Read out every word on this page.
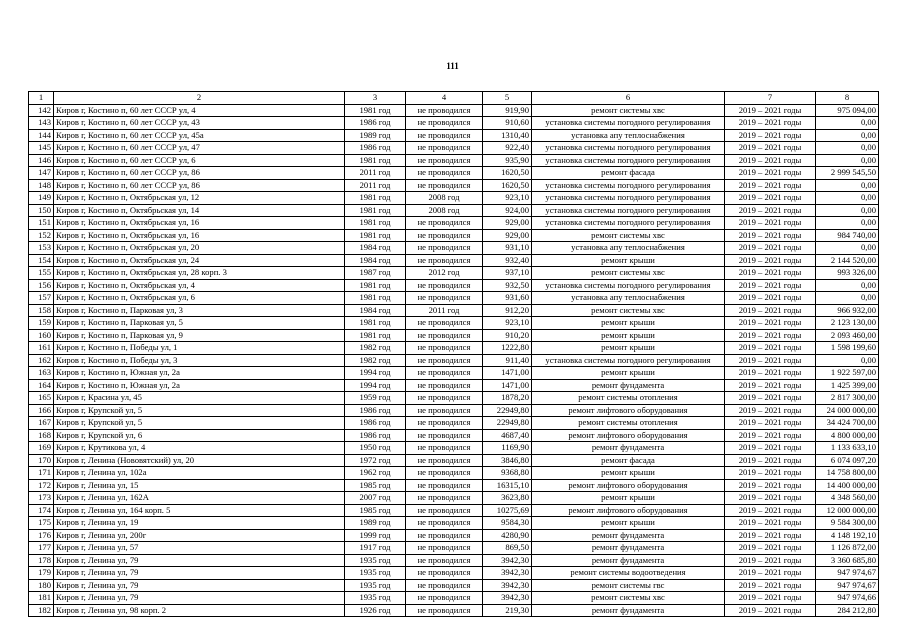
111
1	2	3	4	5	6	7	8
142	Киров г, Костино п, 60 лет СССР ул, 4	1981 год	не проводился	919,90	ремонт системы хвс	2019 – 2021 годы	975 094,00
143	Киров г, Костино п, 60 лет СССР ул, 43	1986 год	не проводился	910,60	установка системы погодного регулирования	2019 – 2021 годы	0,00
144	Киров г, Костино п, 60 лет СССР ул, 45а	1989 год	не проводился	1310,40	установка апу теплоснабжения	2019 – 2021 годы	0,00
145	Киров г, Костино п, 60 лет СССР ул, 47	1986 год	не проводился	922,40	установка системы погодного регулирования	2019 – 2021 годы	0,00
146	Киров г, Костино п, 60 лет СССР ул, 6	1981 год	не проводился	935,90	установка системы погодного регулирования	2019 – 2021 годы	0,00
147	Киров г, Костино п, 60 лет СССР ул, 86	2011 год	не проводился	1620,50	ремонт фасада	2019 – 2021 годы	2 999 545,50
148	Киров г, Костино п, 60 лет СССР ул, 86	2011 год	не проводился	1620,50	установка системы погодного регулирования	2019 – 2021 годы	0,00
149	Киров г, Костино п, Октябрьская ул, 12	1981 год	2008 год	923,10	установка системы погодного регулирования	2019 – 2021 годы	0,00
150	Киров г, Костино п, Октябрьская ул, 14	1981 год	2008 год	924,00	установка системы погодного регулирования	2019 – 2021 годы	0,00
151	Киров г, Костино п, Октябрьская ул, 16	1981 год	не проводился	929,00	установка системы погодного регулирования	2019 – 2021 годы	0,00
152	Киров г, Костино п, Октябрьская ул, 16	1981 год	не проводился	929,00	ремонт системы хвс	2019 – 2021 годы	984 740,00
153	Киров г, Костино п, Октябрьская ул, 20	1984 год	не проводился	931,10	установка апу теплоснабжения	2019 – 2021 годы	0,00
154	Киров г, Костино п, Октябрьская ул, 24	1984 год	не проводился	932,40	ремонт крыши	2019 – 2021 годы	2 144 520,00
155	Киров г, Костино п, Октябрьская ул, 28 корп. 3	1987 год	2012 год	937,10	ремонт системы хвс	2019 – 2021 годы	993 326,00
156	Киров г, Костино п, Октябрьская ул, 4	1981 год	не проводился	932,50	установка системы погодного регулирования	2019 – 2021 годы	0,00
157	Киров г, Костино п, Октябрьская ул, 6	1981 год	не проводился	931,60	установка апу теплоснабжения	2019 – 2021 годы	0,00
158	Киров г, Костино п, Парковая ул, 3	1984 год	2011 год	912,20	ремонт системы хвс	2019 – 2021 годы	966 932,00
159	Киров г, Костино п, Парковая ул, 5	1981 год	не проводился	923,10	ремонт крыши	2019 – 2021 годы	2 123 130,00
160	Киров г, Костино п, Парковая ул, 9	1981 год	не проводился	910,20	ремонт крыши	2019 – 2021 годы	2 093 460,00
161	Киров г, Костино п, Победы ул, 1	1982 год	не проводился	1222,80	ремонт крыши	2019 – 2021 годы	1 598 199,60
162	Киров г, Костино п, Победы ул, 3	1982 год	не проводился	911,40	установка системы погодного регулирования	2019 – 2021 годы	0,00
163	Киров г, Костино п, Южная ул, 2а	1994 год	не проводился	1471,00	ремонт крыши	2019 – 2021 годы	1 922 597,00
164	Киров г, Костино п, Южная ул, 2а	1994 год	не проводился	1471,00	ремонт фундамента	2019 – 2021 годы	1 425 399,00
165	Киров г, Красина ул, 45	1959 год	не проводился	1878,20	ремонт системы отопления	2019 – 2021 годы	2 817 300,00
166	Киров г, Крупской ул, 5	1986 год	не проводился	22949,80	ремонт лифтового оборудования	2019 – 2021 годы	24 000 000,00
167	Киров г, Крупской ул, 5	1986 год	не проводился	22949,80	ремонт системы отопления	2019 – 2021 годы	34 424 700,00
168	Киров г, Крупской ул, 6	1986 год	не проводился	4687,40	ремонт лифтового оборудования	2019 – 2021 годы	4 800 000,00
169	Киров г, Крутикова ул, 4	1950 год	не проводился	1169,90	ремонт фундамента	2019 – 2021 годы	1 133 633,10
170	Киров г, Ленина (Нововятский) ул, 20	1972 год	не проводился	3846,80	ремонт фасада	2019 – 2021 годы	6 074 097,20
171	Киров г, Ленина ул, 102а	1962 год	не проводился	9368,80	ремонт крыши	2019 – 2021 годы	14 758 800,00
172	Киров г, Ленина ул, 15	1985 год	не проводился	16315,10	ремонт лифтового оборудования	2019 – 2021 годы	14 400 000,00
173	Киров г, Ленина ул, 162А	2007 год	не проводился	3623,80	ремонт крыши	2019 – 2021 годы	4 348 560,00
174	Киров г, Ленина ул, 164 корп. 5	1985 год	не проводился	10275,69	ремонт лифтового оборудования	2019 – 2021 годы	12 000 000,00
175	Киров г, Ленина ул, 19	1989 год	не проводился	9584,30	ремонт крыши	2019 – 2021 годы	9 584 300,00
176	Киров г, Ленина ул, 200г	1999 год	не проводился	4280,90	ремонт фундамента	2019 – 2021 годы	4 148 192,10
177	Киров г, Ленина ул, 57	1917 год	не проводился	869,50	ремонт фундамента	2019 – 2021 годы	1 126 872,00
178	Киров г, Ленина ул, 79	1935 год	не проводился	3942,30	ремонт фундамента	2019 – 2021 годы	3 360 685,80
179	Киров г, Ленина ул, 79	1935 год	не проводился	3942,30	ремонт системы водоотведения	2019 – 2021 годы	947 974,67
180	Киров г, Ленина ул, 79	1935 год	не проводился	3942,30	ремонт системы гвс	2019 – 2021 годы	947 974,67
181	Киров г, Ленина ул, 79	1935 год	не проводился	3942,30	ремонт системы хвс	2019 – 2021 годы	947 974,66
182	Киров г, Ленина ул, 98 корп. 2	1926 год	не проводился	219,30	ремонт фундамента	2019 – 2021 годы	284 212,80
